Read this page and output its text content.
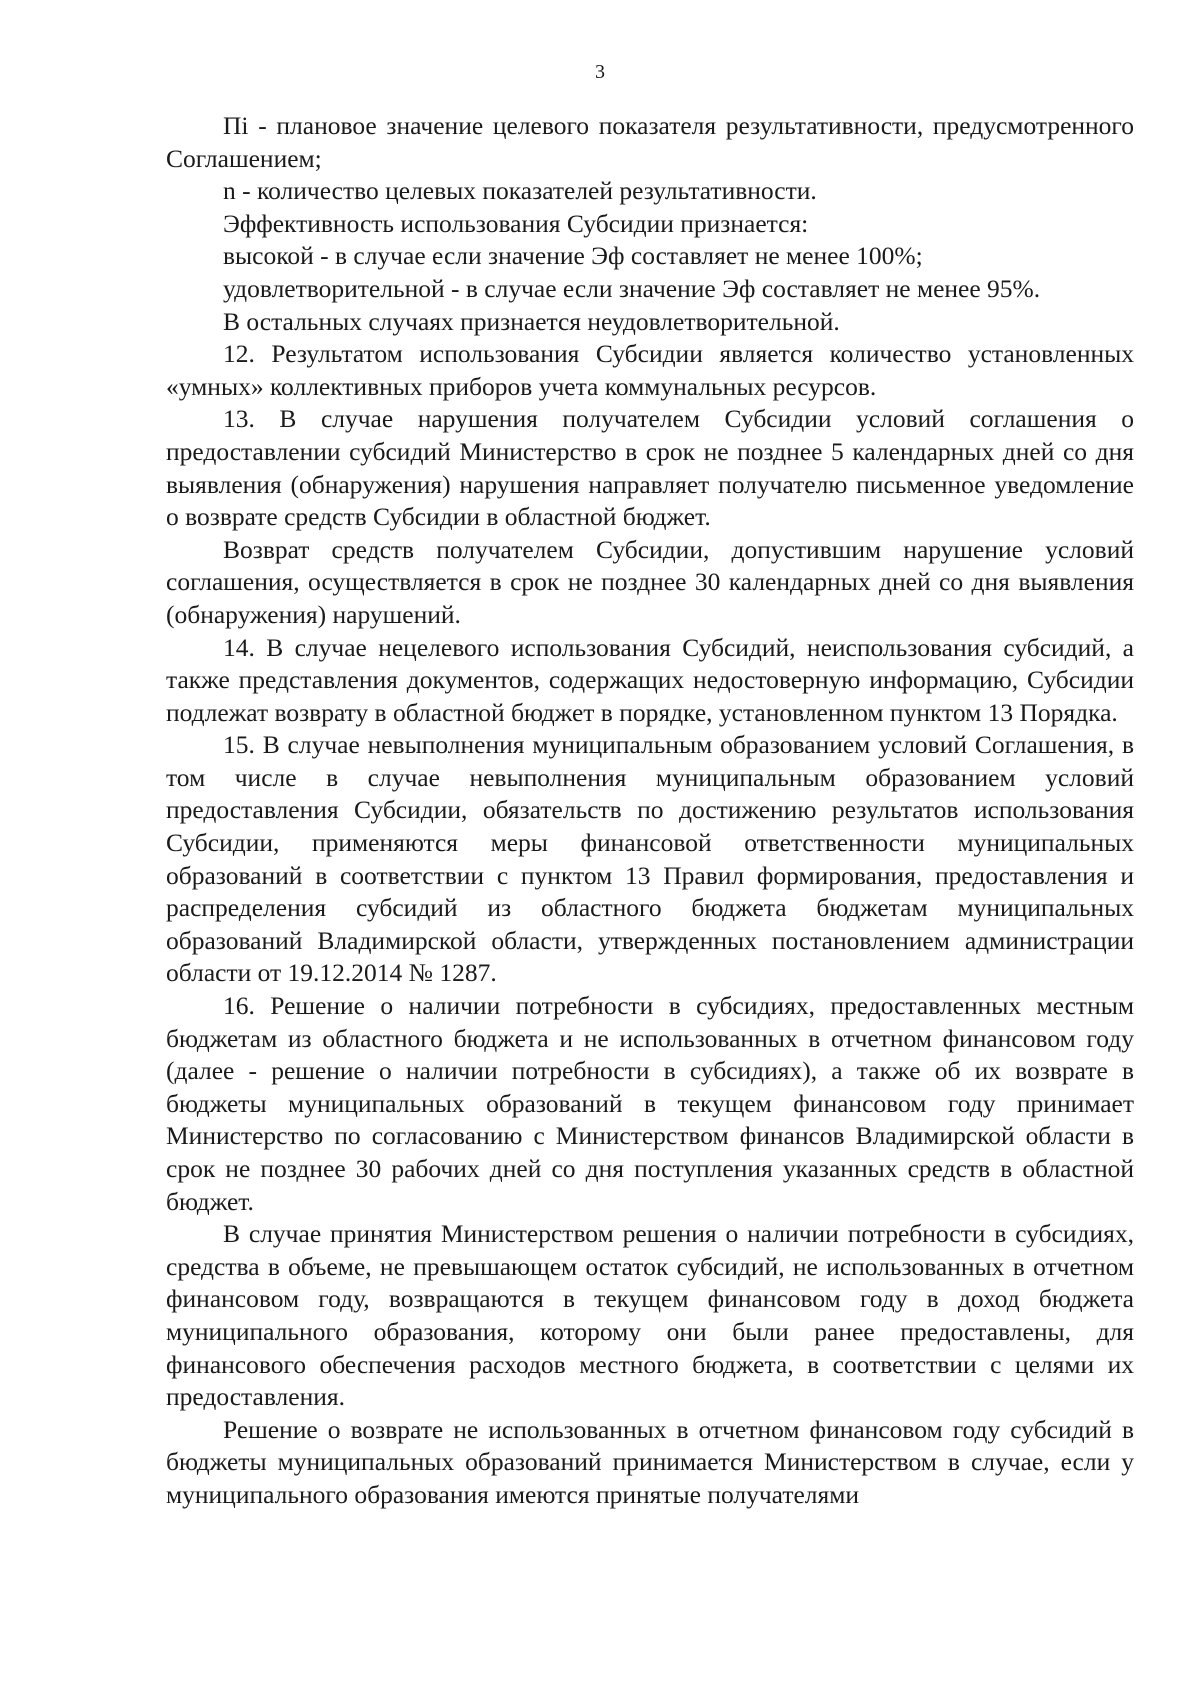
3

Пi - плановое значение целевого показателя результативности, предусмотренного Соглашением;

n - количество целевых показателей результативности.

Эффективность использования Субсидии признается:

высокой - в случае если значение Эф составляет не менее 100%;

удовлетворительной - в случае если значение Эф составляет не менее 95%.

В остальных случаях признается неудовлетворительной.

12. Результатом использования Субсидии является количество установленных «умных» коллективных приборов учета коммунальных ресурсов.

13. В случае нарушения получателем Субсидии условий соглашения о предоставлении субсидий Министерство в срок не позднее 5 календарных дней со дня выявления (обнаружения) нарушения направляет получателю письменное уведомление о возврате средств Субсидии в областной бюджет.

Возврат средств получателем Субсидии, допустившим нарушение условий соглашения, осуществляется в срок не позднее 30 календарных дней со дня выявления (обнаружения) нарушений.

14. В случае нецелевого использования Субсидий, неиспользования субсидий, а также представления документов, содержащих недостоверную информацию, Субсидии подлежат возврату в областной бюджет в порядке, установленном пунктом 13 Порядка.

15. В случае невыполнения муниципальным образованием условий Соглашения, в том числе в случае невыполнения муниципальным образованием условий предоставления Субсидии, обязательств по достижению результатов использования Субсидии, применяются меры финансовой ответственности муниципальных образований в соответствии с пунктом 13 Правил формирования, предоставления и распределения субсидий из областного бюджета бюджетам муниципальных образований Владимирской области, утвержденных постановлением администрации области от 19.12.2014 № 1287.

16. Решение о наличии потребности в субсидиях, предоставленных местным бюджетам из областного бюджета и не использованных в отчетном финансовом году (далее - решение о наличии потребности в субсидиях), а также об их возврате в бюджеты муниципальных образований в текущем финансовом году принимает Министерство по согласованию с Министерством финансов Владимирской области в срок не позднее 30 рабочих дней со дня поступления указанных средств в областной бюджет.

В случае принятия Министерством решения о наличии потребности в субсидиях, средства в объеме, не превышающем остаток субсидий, не использованных в отчетном финансовом году, возвращаются в текущем финансовом году в доход бюджета муниципального образования, которому они были ранее предоставлены, для финансового обеспечения расходов местного бюджета, в соответствии с целями их предоставления.

Решение о возврате не использованных в отчетном финансовом году субсидий в бюджеты муниципальных образований принимается Министерством в случае, если у муниципального образования имеются принятые получателями
